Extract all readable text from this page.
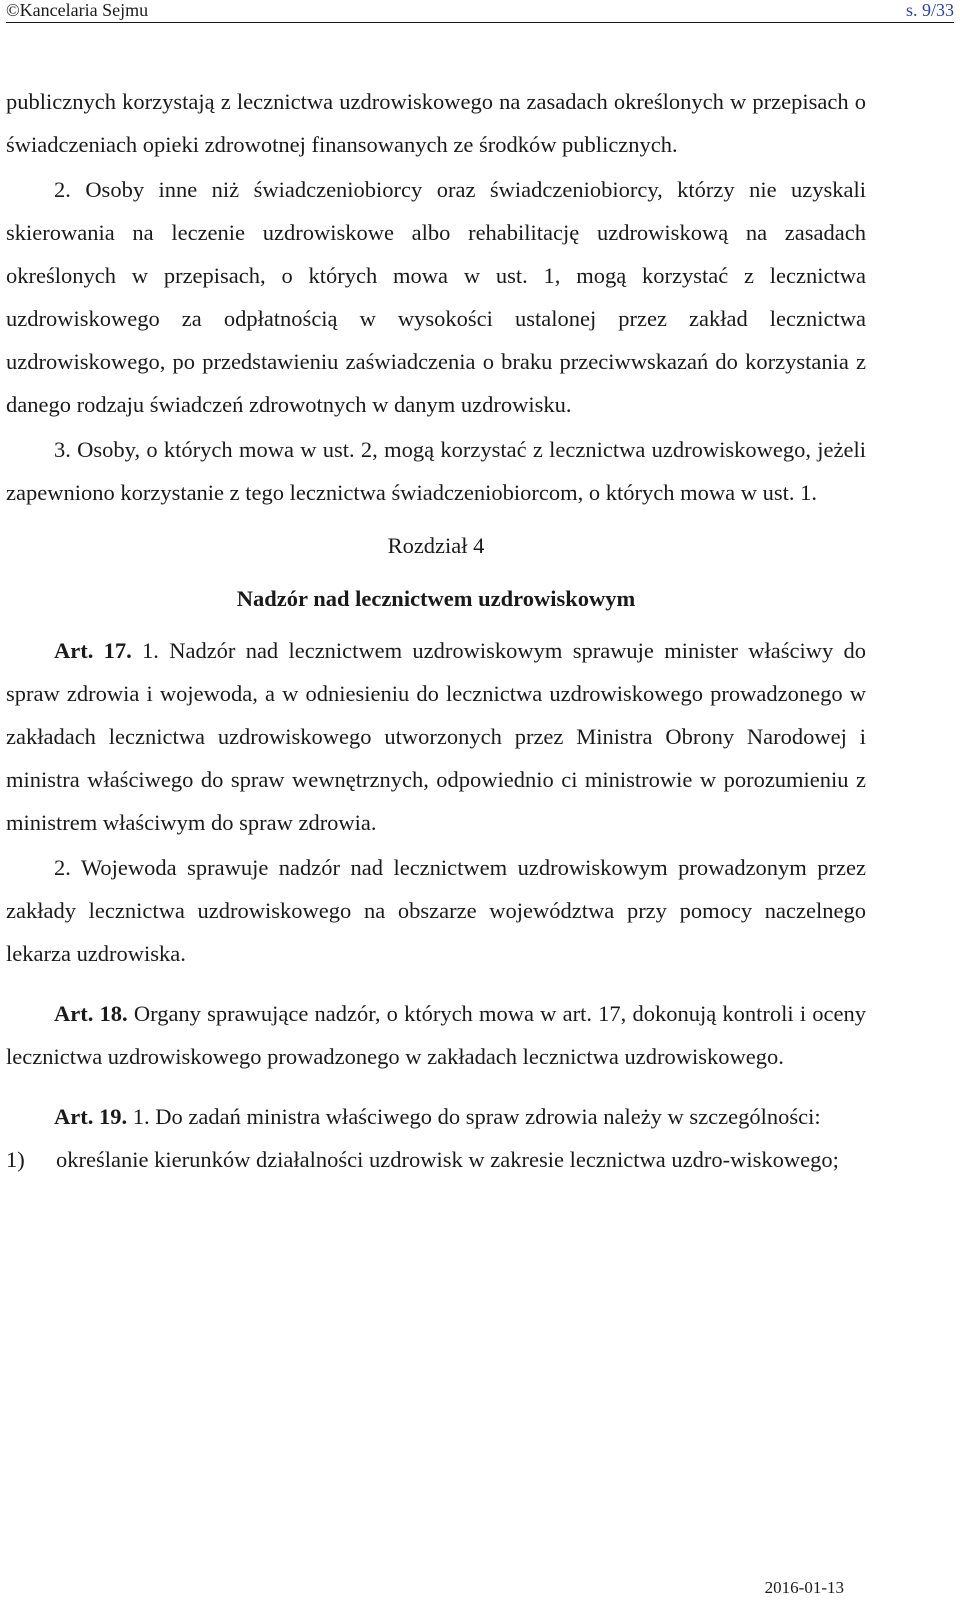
©Kancelaria Sejmu	s. 9/33

publicznych korzystają z lecznictwa uzdrowiskowego na zasadach określonych w przepisach o świadczeniach opieki zdrowotnej finansowanych ze środków publicznych.

2. Osoby inne niż świadczeniobiorcy oraz świadczeniobiorcy, którzy nie uzyskali skierowania na leczenie uzdrowiskowe albo rehabilitację uzdrowiskową na zasadach określonych w przepisach, o których mowa w ust. 1, mogą korzystać z lecznictwa uzdrowiskowego za odpłatnością w wysokości ustalonej przez zakład lecznictwa uzdrowiskowego, po przedstawieniu zaświadczenia o braku przeciwwskazań do korzystania z danego rodzaju świadczeń zdrowotnych w danym uzdrowisku.

3. Osoby, o których mowa w ust. 2, mogą korzystać z lecznictwa uzdrowiskowego, jeżeli zapewniono korzystanie z tego lecznictwa świadczeniobiorcom, o których mowa w ust. 1.

Rozdział 4

Nadzór nad lecznictwem uzdrowiskowym

Art. 17. 1. Nadzór nad lecznictwem uzdrowiskowym sprawuje minister właściwy do spraw zdrowia i wojewoda, a w odniesieniu do lecznictwa uzdrowiskowego prowadzonego w zakładach lecznictwa uzdrowiskowego utworzonych przez Ministra Obrony Narodowej i ministra właściwego do spraw wewnętrznych, odpowiednio ci ministrowie w porozumieniu z ministrem właściwym do spraw zdrowia.

2. Wojewoda sprawuje nadzór nad lecznictwem uzdrowiskowym prowadzonym przez zakłady lecznictwa uzdrowiskowego na obszarze województwa przy pomocy naczelnego lekarza uzdrowiska.

Art. 18. Organy sprawujące nadzór, o których mowa w art. 17, dokonują kontroli i oceny lecznictwa uzdrowiskowego prowadzonego w zakładach lecznictwa uzdrowiskowego.

Art. 19. 1. Do zadań ministra właściwego do spraw zdrowia należy w szczególności:

1) określanie kierunków działalności uzdrowisk w zakresie lecznictwa uzdro-wiskowego;
2016-01-13
